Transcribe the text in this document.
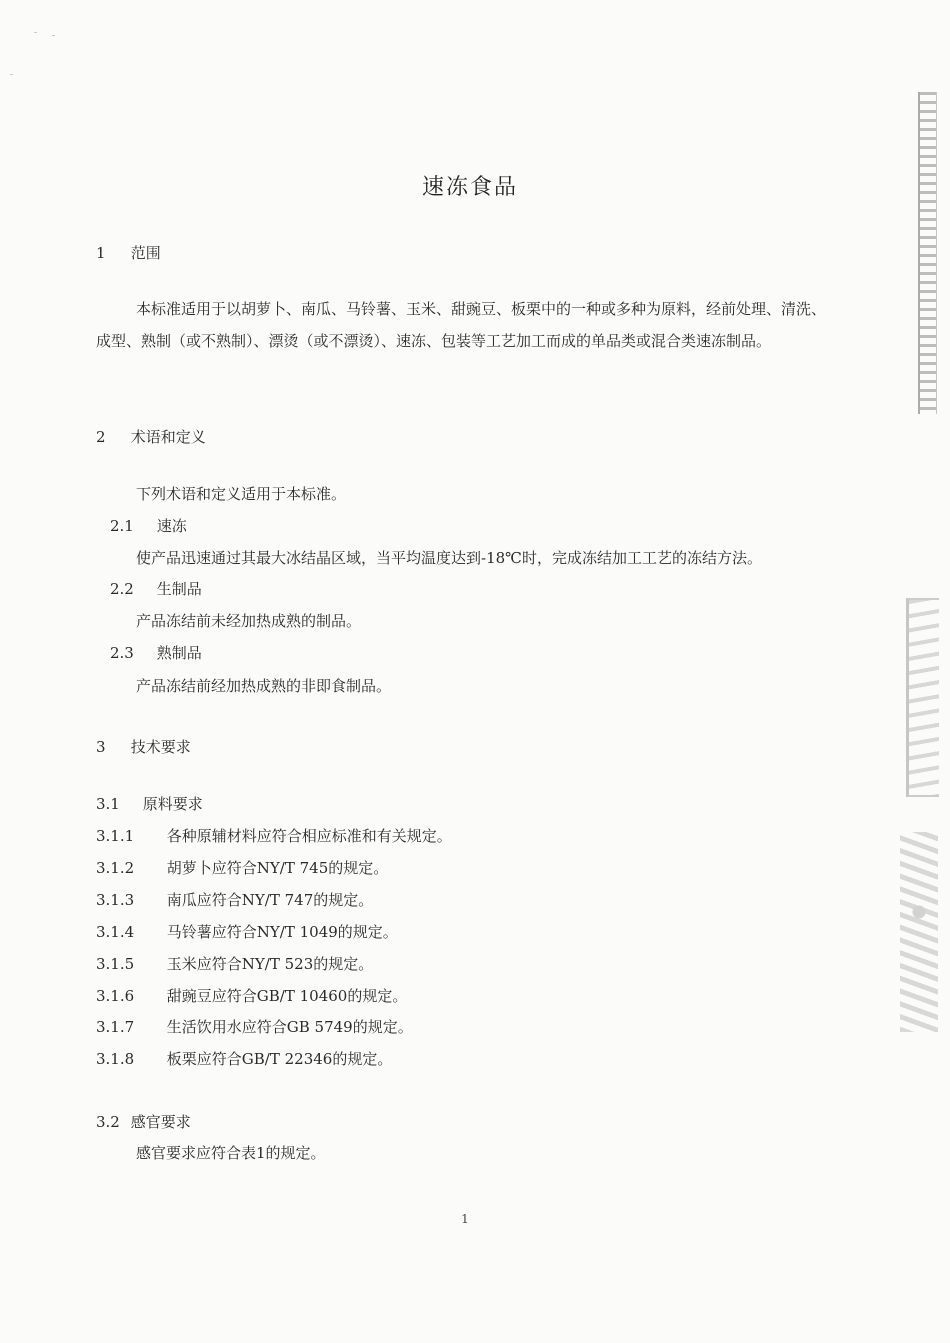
速冻食品
1 范围
本标准适用于以胡萝卜、南瓜、马铃薯、玉米、甜豌豆、板栗中的一种或多种为原料，经前处理、清洗、成型、熟制（或不熟制）、漂烫（或不漂烫）、速冻、包装等工艺加工而成的单品类或混合类速冻制品。
2 术语和定义
下列术语和定义适用于本标准。
2.1 速冻
使产品迅速通过其最大冰结晶区域，当平均温度达到-18℃时，完成冻结加工工艺的冻结方法。
2.2 生制品
产品冻结前未经加热成熟的制品。
2.3 熟制品
产品冻结前经加热成熟的非即食制品。
3 技术要求
3.1 原料要求
3.1.1 各种原辅材料应符合相应标准和有关规定。
3.1.2 胡萝卜应符合NY/T 745的规定。
3.1.3 南瓜应符合NY/T 747的规定。
3.1.4 马铃薯应符合NY/T 1049的规定。
3.1.5 玉米应符合NY/T 523的规定。
3.1.6 甜豌豆应符合GB/T 10460的规定。
3.1.7 生活饮用水应符合GB 5749的规定。
3.1.8 板栗应符合GB/T 22346的规定。
3.2 感官要求
感官要求应符合表1的规定。
1
